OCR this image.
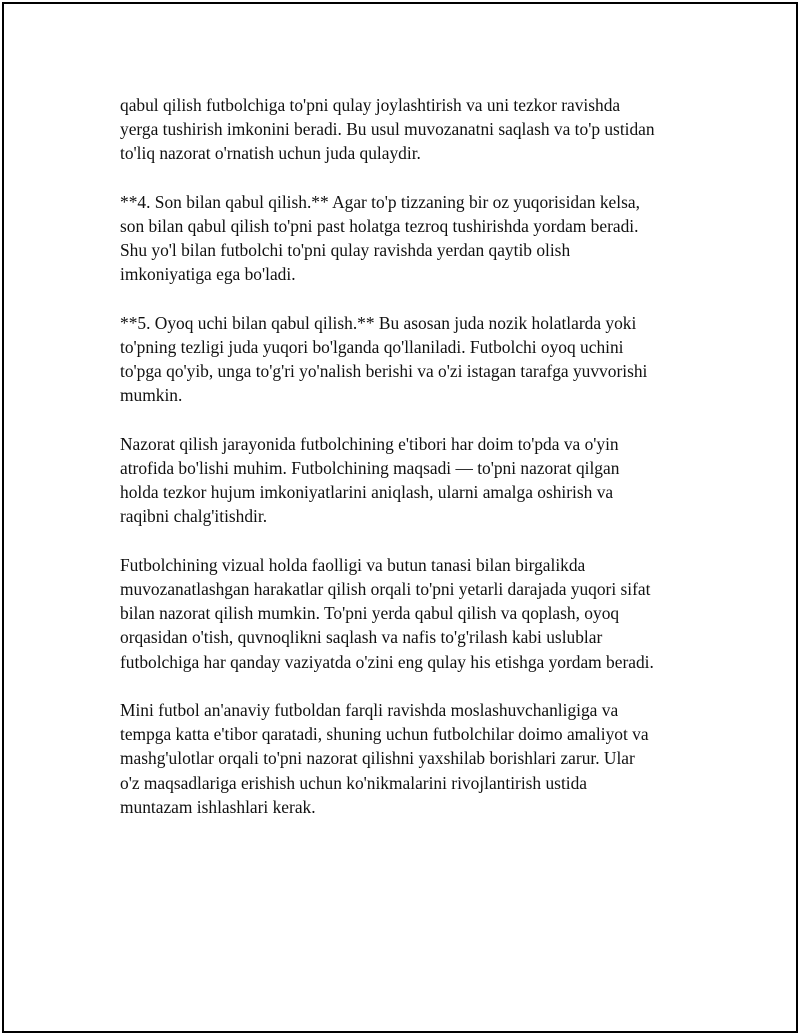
qabul qilish futbolchiga to'pni qulay joylashtirish va uni tezkor ravishda
yerga tushirish imkonini beradi. Bu usul muvozanatni saqlash va to'p ustidan
to'liq nazorat o'rnatish uchun juda qulaydir.

**4. Son bilan qabul qilish.** Agar to'p tizzaning bir oz yuqorisidan kelsa,
son bilan qabul qilish to'pni past holatga tezroq tushirishda yordam beradi.
Shu yo'l bilan futbolchi to'pni qulay ravishda yerdan qaytib olish
imkoniyatiga ega bo'ladi.

**5. Oyoq uchi bilan qabul qilish.** Bu asosan juda nozik holatlarda yoki
to'pning tezligi juda yuqori bo'lganda qo'llaniladi. Futbolchi oyoq uchini
to'pga qo'yib, unga to'g'ri yo'nalish berishi va o'zi istagan tarafga yuvvorishi
mumkin.

Nazorat qilish jarayonida futbolchining e'tibori har doim to'pda va o'yin
atrofida bo'lishi muhim. Futbolchining maqsadi — to'pni nazorat qilgan
holda tezkor hujum imkoniyatlarini aniqlash, ularni amalga oshirish va
raqibni chalg'itishdir.

Futbolchining vizual holda faolligi va butun tanasi bilan birgalikda
muvozanatlashgan harakatlar qilish orqali to'pni yetarli darajada yuqori sifat
bilan nazorat qilish mumkin. To'pni yerda qabul qilish va qoplash, oyoq
orqasidan o'tish, quvnoqlikni saqlash va nafis to'g'rilash kabi uslublar
futbolchiga har qanday vaziyatda o'zini eng qulay his etishga yordam beradi.

Mini futbol an'anaviy futboldan farqli ravishda moslashuvchanligiga va
tempga katta e'tibor qaratadi, shuning uchun futbolchilar doimo amaliyot va
mashg'ulotlar orqali to'pni nazorat qilishni yaxshilab borishlari zarur. Ular
o'z maqsadlariga erishish uchun ko'nikmalarini rivojlantirish ustida
muntazam ishlashlari kerak.
